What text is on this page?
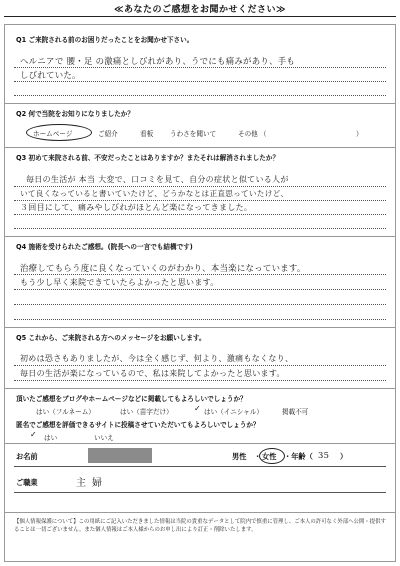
≪あなたのご感想をお聞かせください≫
Q1 ご来院される前のお困りだったことをお聞かせ下さい。
ヘルニアで 腰・足 の激痛としびれがあり、うでにも痛みがあり、手も
しびれていた。
Q2 何で当院をお知りになりましたか？
ホームページ	ご紹介	看板	うわさを聞いて	その他 （	）
Q3 初めて来院される前、不安だったことはありますか？またそれは解消されましたか？
毎日の生活が 本当 大変で、口コミを見て、自分の症状と似ている人が
いて良くなっていると書いていたけど、どうかなとは正直思っていたけど、
３回目にして、痛みやしびれがほとんど楽になってきました。
Q4 施術を受けられたご感想。(院長への一言でも結構です)
治療してもらう度に良くなっていくのがわかり、本当楽になっています。
もう少し早く来院できていたらよかったと思います。
Q5 これから、ご来院される方へのメッセージをお願いします。
初めは恐さもありましたが、今は全く感じず、何より、激痛もなくなり、
毎日の生活が楽になっているので、私は来院してよかったと思います。
頂いたご感想をブログやホームページなどに掲載してもよろしいでしょうか？
はい（フルネーム）	はい（苗字だけ）	✓ はい（イニシャル）	掲載不可
匿名でご感想を評価できるサイトに投稿させていただいてもよろしいでしょうか？
✓ はい	いいえ
お名前	男性 ・ 女性 ・年齢（ 35 ）
ご職業	主婦
【個人情報保護について】この用紙にご記入いただきました情報は当院の貴重なデータとして院内で慎重に管理し、ご本人の許可なく外部へ公開・提供することは一切ございません。また個人情報はご本人様からのお申し出により訂正・削除いたします。
